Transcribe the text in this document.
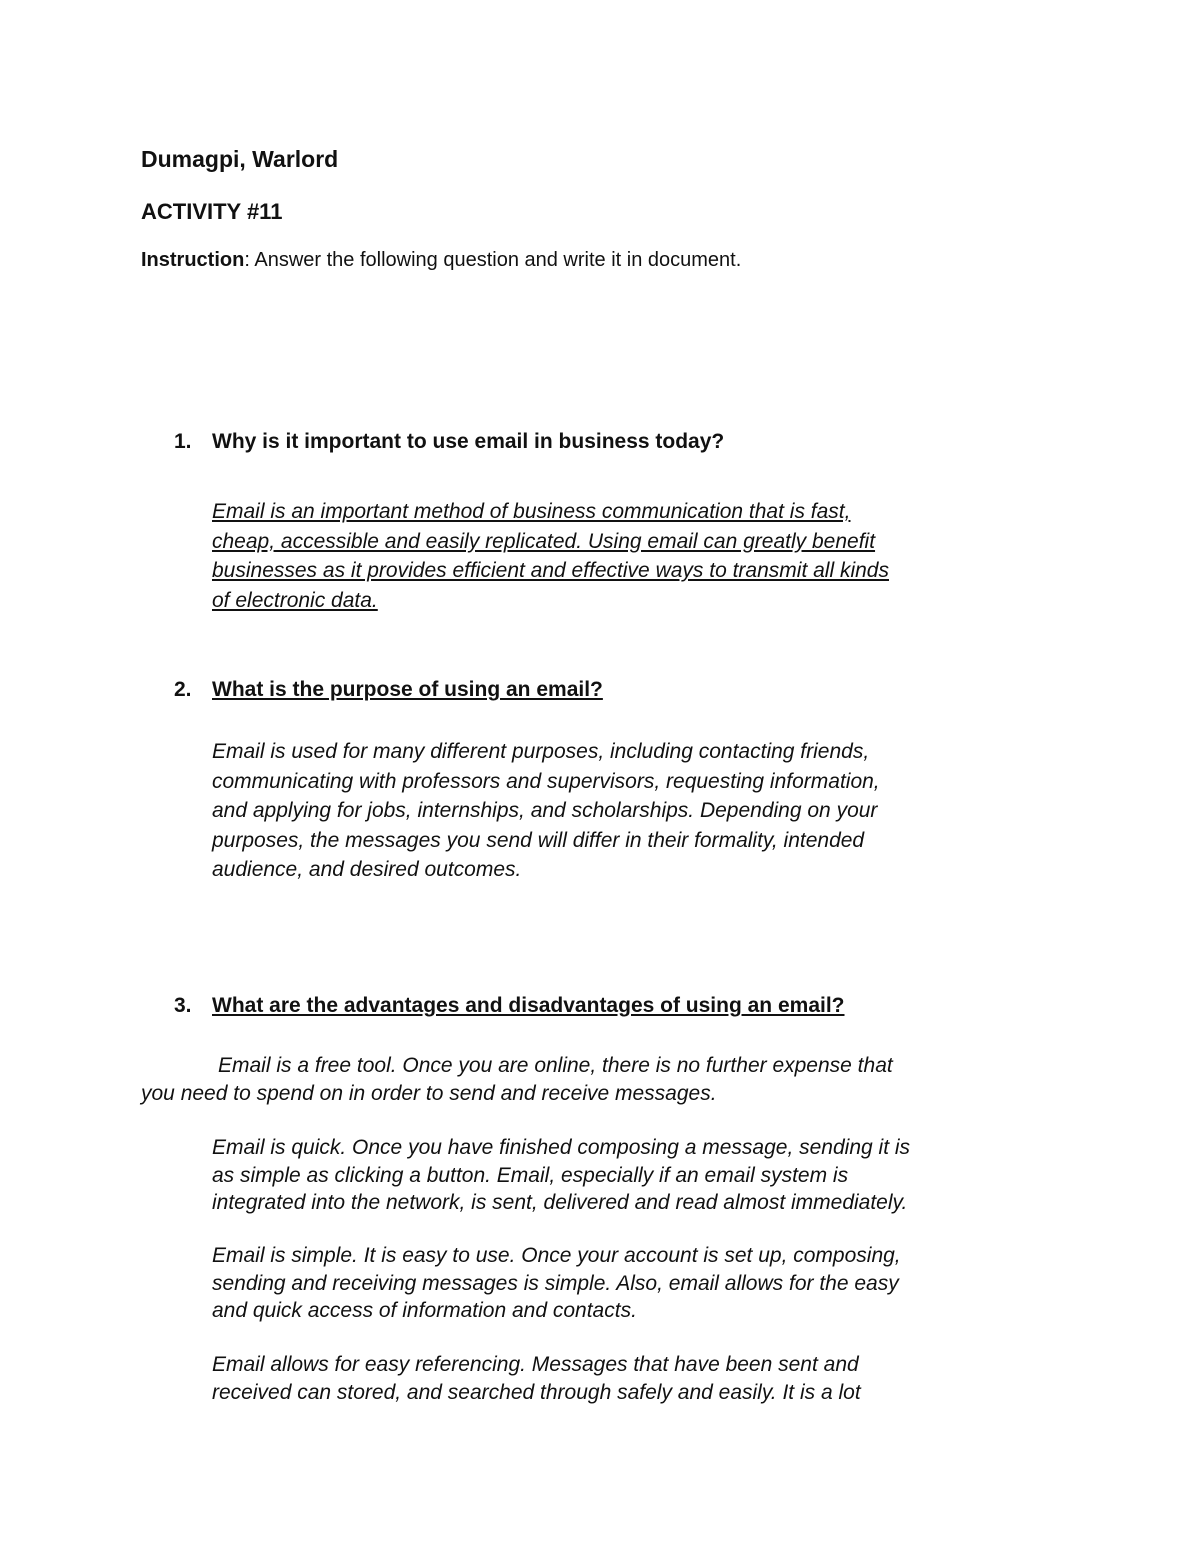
Dumagpi, Warlord
ACTIVITY #11
Instruction: Answer the following question and write it in document.
1. Why is it important to use email in business today?
Email is an important method of business communication that is fast,
cheap, accessible and easily replicated. Using email can greatly benefit
businesses as it provides efficient and effective ways to transmit all kinds
of electronic data.
2. What is the purpose of using an email?
Email is used for many different purposes, including contacting friends,
communicating with professors and supervisors, requesting information,
and applying for jobs, internships, and scholarships. Depending on your
purposes, the messages you send will differ in their formality, intended
audience, and desired outcomes.
3. What are the advantages and disadvantages of using an email?
Email is a free tool. Once you are online, there is no further expense that
you need to spend on in order to send and receive messages.
Email is quick. Once you have finished composing a message, sending it is
as simple as clicking a button. Email, especially if an email system is
integrated into the network, is sent, delivered and read almost immediately.
Email is simple. It is easy to use. Once your account is set up, composing,
sending and receiving messages is simple. Also, email allows for the easy
and quick access of information and contacts.
Email allows for easy referencing. Messages that have been sent and
received can stored, and searched through safely and easily. It is a lot
